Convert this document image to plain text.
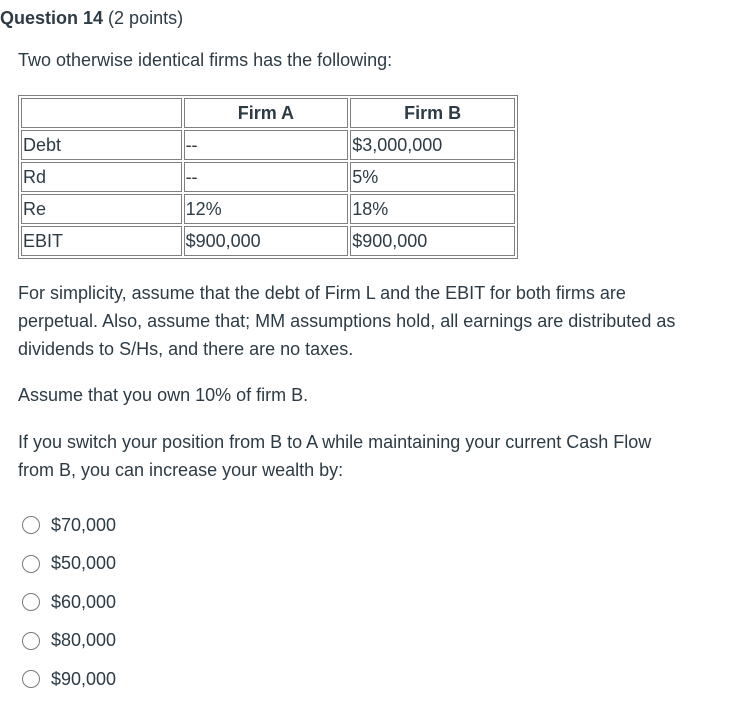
Question 14 (2 points)
Two otherwise identical firms has the following:
	Firm A	Firm B
Debt	--	$3,000,000
Rd	--	5%
Re	12%	18%
EBIT	$900,000	$900,000
For simplicity, assume that the debt of Firm L and the EBIT for both firms are
perpetual. Also, assume that; MM assumptions hold, all earnings are distributed as
dividends to S/Hs, and there are no taxes.
Assume that you own 10% of firm B.
If you switch your position from B to A while maintaining your current Cash Flow
from B, you can increase your wealth by:
$70,000
$50,000
$60,000
$80,000
$90,000
